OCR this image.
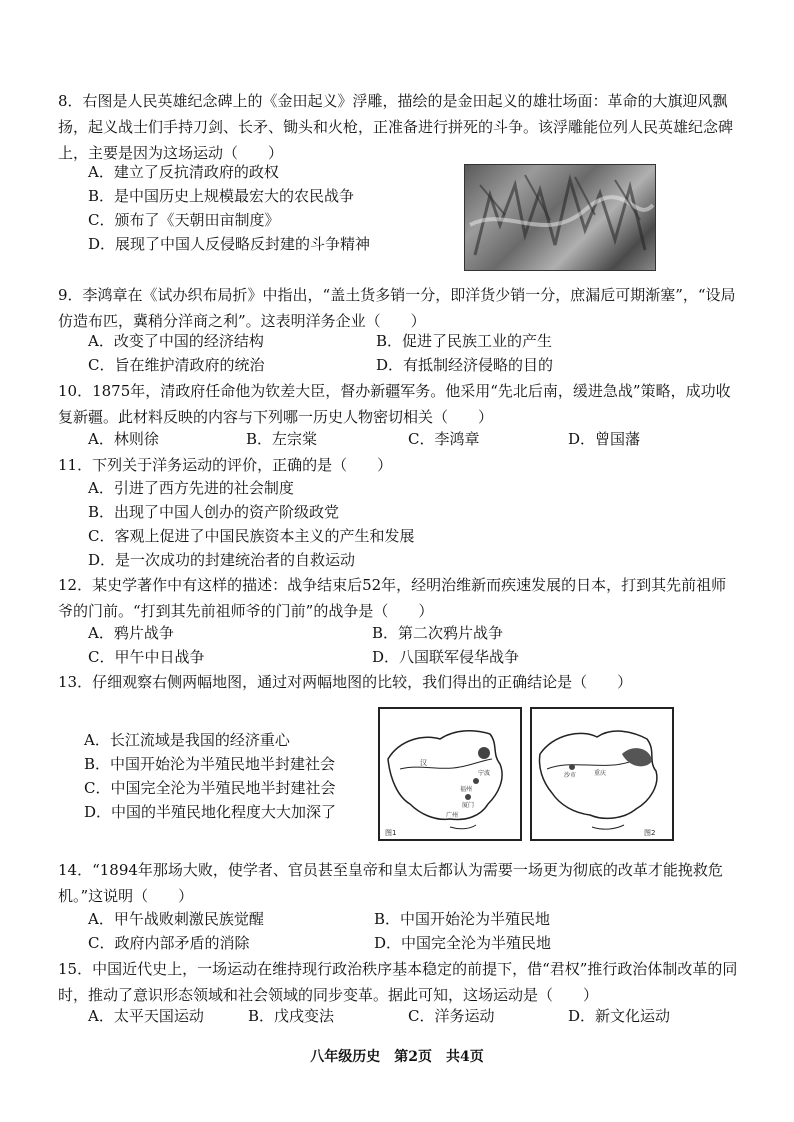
8．右图是人民英雄纪念碑上的《金田起义》浮雕，描绘的是金田起义的雄壮场面：革命的大旗迎风飘扬，起义战士们手持刀剑、长矛、锄头和火枪，正准备进行拼死的斗争。该浮雕能位列人民英雄纪念碑上，主要是因为这场运动（　　）
A．建立了反抗清政府的政权
B．是中国历史上规模最宏大的农民战争
C．颁布了《天朝田亩制度》
D．展现了中国人反侵略反封建的斗争精神
9．李鸿章在《试办织布局折》中指出，“盖土货多销一分，即洋货少销一分，庶漏卮可期渐塞”，“设局仿造布匹，冀稍分洋商之利”。这表明洋务企业（　　）
A．改变了中国的经济结构	B．促进了民族工业的产生
C．旨在维护清政府的统治	D．有抵制经济侵略的目的
10．1875年，清政府任命他为钦差大臣，督办新疆军务。他采用“先北后南，缓进急战”策略，成功收复新疆。此材料反映的内容与下列哪一历史人物密切相关（　　）
A．林则徐	B．左宗棠	C．李鸿章	D．曾国藩
11．下列关于洋务运动的评价，正确的是（　　）
A．引进了西方先进的社会制度
B．出现了中国人创办的资产阶级政党
C．客观上促进了中国民族资本主义的产生和发展
D．是一次成功的封建统治者的自救运动
12．某史学著作中有这样的描述：战争结束后52年，经明治维新而疾速发展的日本，打到其先前祖师爷的门前。“打到其先前祖师爷的门前”的战争是（　　）
A．鸦片战争	B．第二次鸦片战争
C．甲午中日战争	D．八国联军侵华战争
13．仔细观察右侧两幅地图，通过对两幅地图的比较，我们得出的正确结论是（　　）
A．长江流域是我国的经济重心
B．中国开始沦为半殖民地半封建社会
C．中国完全沦为半殖民地半封建社会
D．中国的半殖民地化程度大大加深了
汉
宁波
福州
厦门
广州
图1
沙市	重庆
图2
14．“1894年那场大败，使学者、官员甚至皇帝和皇太后都认为需要一场更为彻底的改革才能挽救危机。”这说明（　　）
A．甲午战败刺激民族觉醒	B．中国开始沦为半殖民地
C．政府内部矛盾的消除	D．中国完全沦为半殖民地
15．中国近代史上，一场运动在维持现行政治秩序基本稳定的前提下，借“君权”推行政治体制改革的同时，推动了意识形态领域和社会领域的同步变革。据此可知，这场运动是（　　）
A．太平天国运动	B．戊戌变法	C．洋务运动	D．新文化运动
八年级历史　第2页　共4页
